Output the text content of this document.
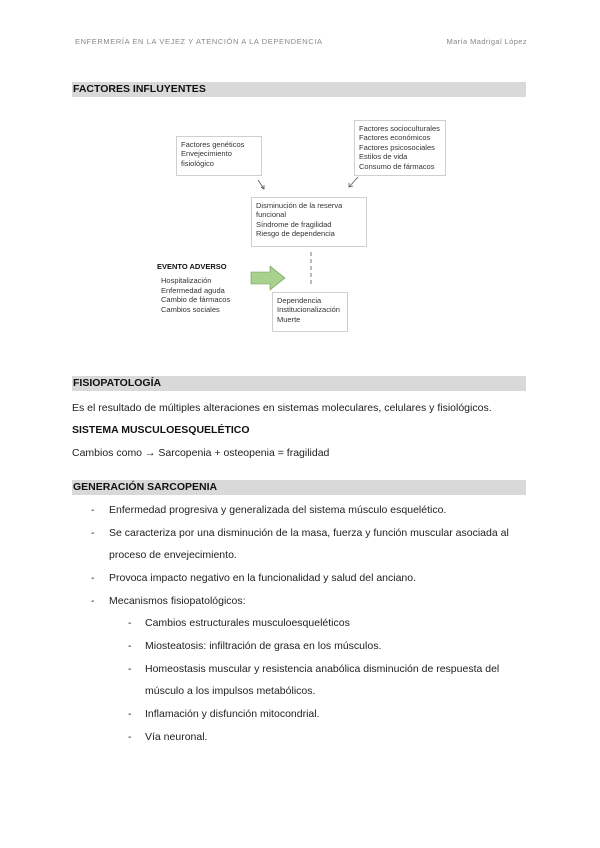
ENFERMERÍA EN LA VEJEZ Y ATENCIÓN A LA DEPENDENCIA	María Madrigal López
FACTORES INFLUYENTES
Factores genéticos
Envejecimiento
fisiológico
Factores socioculturales
Factores económicos
Factores psicosociales
Estilos de vida
Consumo de fármacos
Disminución de la reserva
funcional
Síndrome de fragilidad
Riesgo de dependencia
EVENTO ADVERSO
Hospitalización
Enfermedad aguda
Cambio de fármacos
Cambios sociales
Dependencia
Institucionalización
Muerte
FISIOPATOLOGÍA
Es el resultado de múltiples alteraciones en sistemas moleculares, celulares y fisiológicos.
SISTEMA MUSCULOESQUELÉTICO
Cambios como → Sarcopenia + osteopenia = fragilidad
GENERACIÓN SARCOPENIA
- Enfermedad progresiva y generalizada del sistema músculo esquelético.
- Se caracteriza por una disminución de la masa, fuerza y función muscular asociada al
proceso de envejecimiento.
- Provoca impacto negativo en la funcionalidad y salud del anciano.
- Mecanismos fisiopatológicos:
- Cambios estructurales musculoesqueléticos
- Miosteatosis: infiltración de grasa en los músculos.
- Homeostasis muscular y resistencia anabólica disminución de respuesta del
músculo a los impulsos metabólicos.
- Inflamación y disfunción mitocondrial.
- Vía neuronal.
